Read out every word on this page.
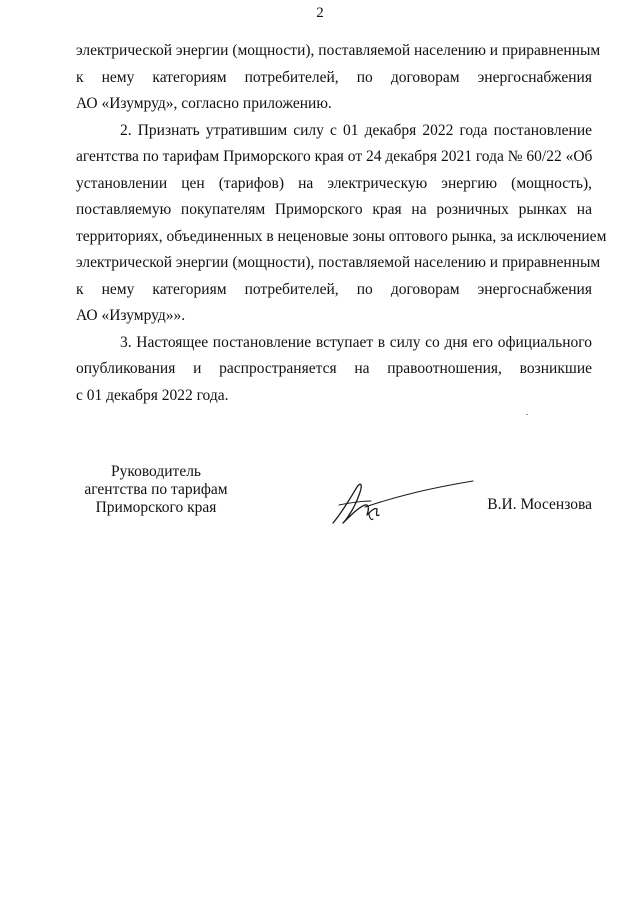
2
электрической энергии (мощности), поставляемой населению и приравненным
к нему категориям потребителей, по договорам энергоснабжения
АО «Изумруд», согласно приложению.
2. Признать утратившим силу с 01 декабря 2022 года постановление
агентства по тарифам Приморского края от 24 декабря 2021 года № 60/22 «Об
установлении цен (тарифов) на электрическую энергию (мощность),
поставляемую покупателям Приморского края на розничных рынках на
территориях, объединенных в неценовые зоны оптового рынка, за исключением
электрической энергии (мощности), поставляемой населению и приравненным
к нему категориям потребителей, по договорам энергоснабжения
АО «Изумруд»».
3. Настоящее постановление вступает в силу со дня его официального
опубликования и распространяется на правоотношения, возникшие
с 01 декабря 2022 года.
Руководитель
агентства по тарифам
Приморского края	В.И. Мосензова
